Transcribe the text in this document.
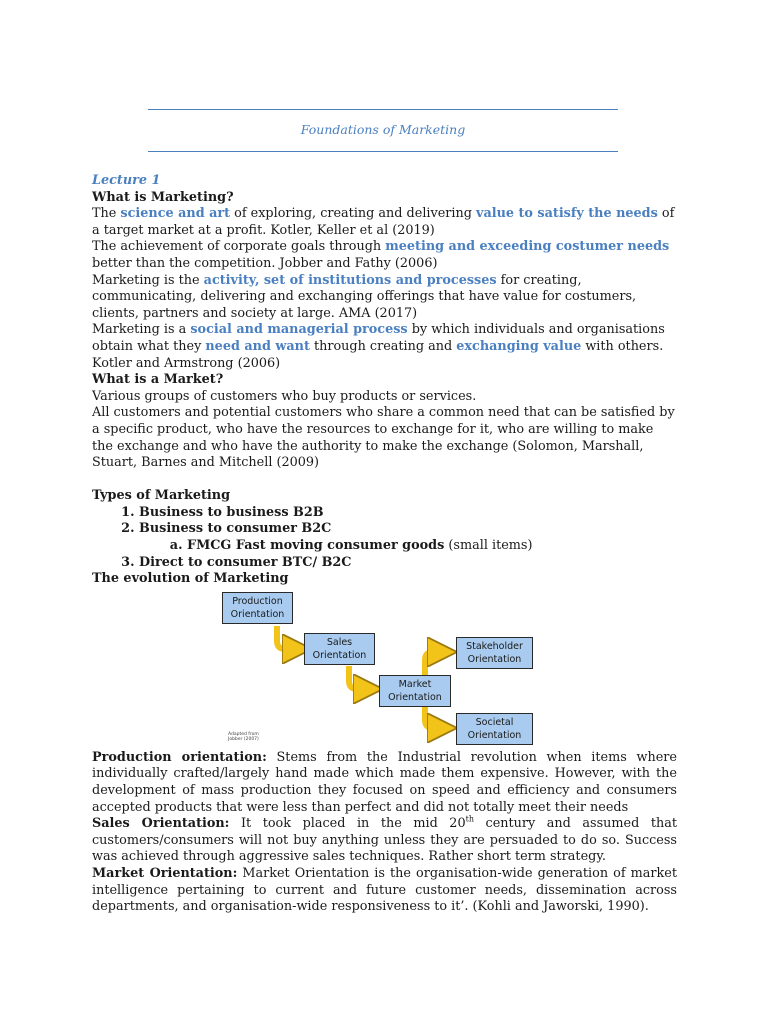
Foundations of Marketing

Lecture 1

What is Marketing?

The science and art of exploring, creating and delivering value to satisfy the needs of a target market at a profit. Kotler, Keller et al (2019)

The achievement of corporate goals through meeting and exceeding costumer needs better than the competition. Jobber and Fathy (2006)

Marketing is the activity, set of institutions and processes for creating, communicating, delivering and exchanging offerings that have value for costumers, clients, partners and society at large. AMA (2017)

Marketing is a social and managerial process by which individuals and organisations obtain what they need and want through creating and exchanging value with others. Kotler and Armstrong (2006)

What is a Market?

Various groups of customers who buy products or services.

All customers and potential customers who share a common need that can be satisfied by a specific product, who have the resources to exchange for it, who are willing to make the exchange and who have the authority to make the exchange (Solomon, Marshall, Stuart, Barnes and Mitchell (2009)

Types of Marketing

1. Business to business B2B
2. Business to consumer B2C
a. FMCG Fast moving consumer goods (small items)
3. Direct to consumer BTC/ B2C

The evolution of Marketing

Production Orientation
Sales Orientation
Market Orientation
Stakeholder Orientation
Societal Orientation
Adapted from Jobber (2007)

Production orientation: Stems from the Industrial revolution when items where individually crafted/largely hand made which made them expensive. However, with the development of mass production they focused on speed and efficiency and consumers accepted products that were less than perfect and did not totally meet their needs

Sales Orientation: It took placed in the mid 20th century and assumed that customers/consumers will not buy anything unless they are persuaded to do so. Success was achieved through aggressive sales techniques. Rather short term strategy.

Market Orientation: Market Orientation is the organisation-wide generation of market intelligence pertaining to current and future customer needs, dissemination across departments, and organisation-wide responsiveness to it’. (Kohli and Jaworski, 1990).
